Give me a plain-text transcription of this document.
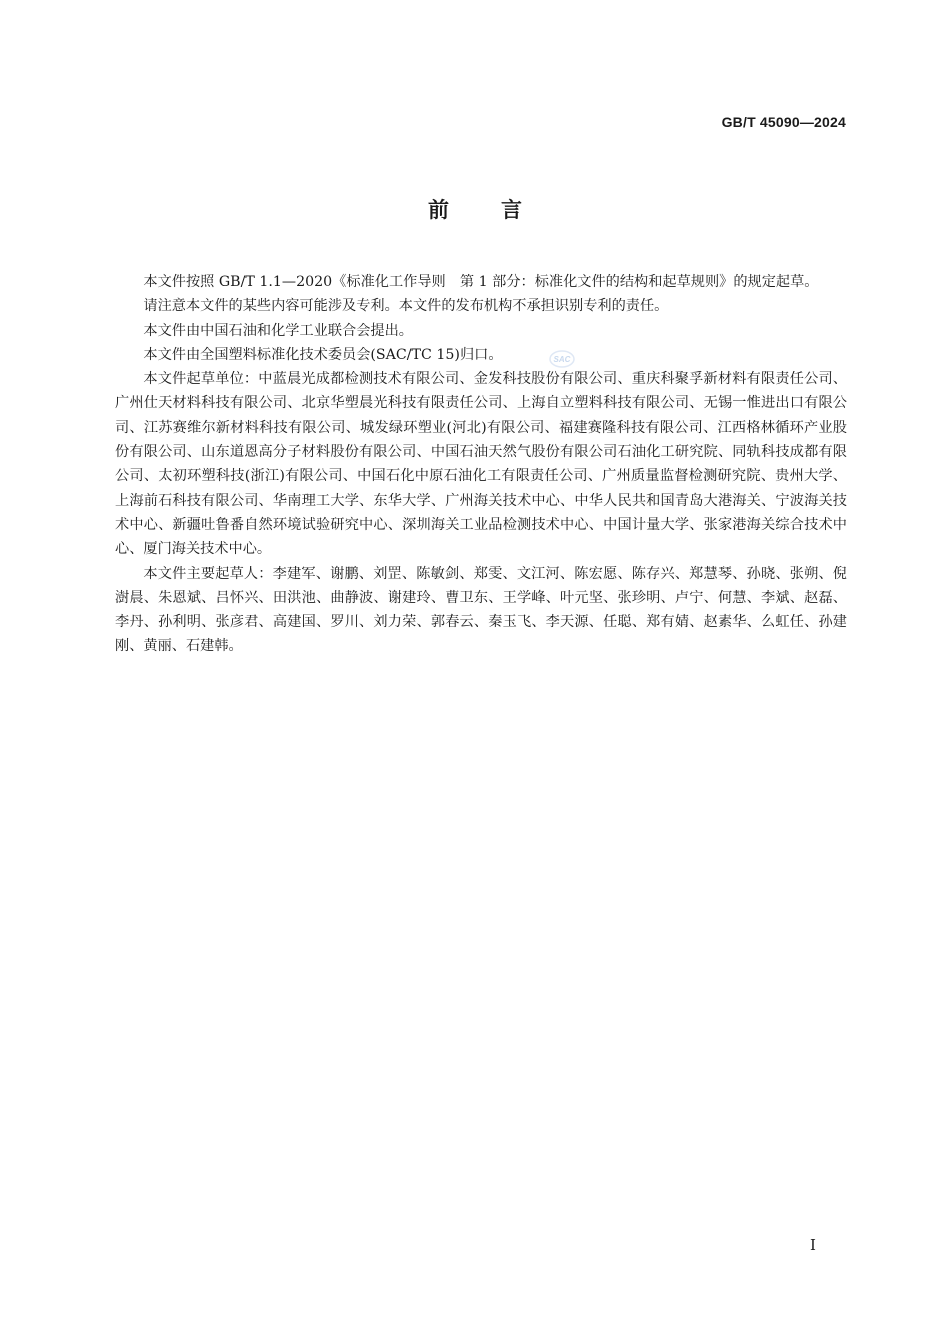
GB/T 45090—2024
前言

本文件按照 GB/T 1.1—2020《标准化工作导则　第 1 部分：标准化文件的结构和起草规则》的规定起草。

请注意本文件的某些内容可能涉及专利。本文件的发布机构不承担识别专利的责任。

本文件由中国石油和化学工业联合会提出。

本文件由全国塑料标准化技术委员会(SAC/TC 15)归口。

本文件起草单位：中蓝晨光成都检测技术有限公司、金发科技股份有限公司、重庆科聚孚新材料有限责任公司、广州仕天材料科技有限公司、北京华塑晨光科技有限责任公司、上海自立塑料科技有限公司、无锡一惟进出口有限公司、江苏赛维尔新材料科技有限公司、城发绿环塑业(河北)有限公司、福建赛隆科技有限公司、江西格林循环产业股份有限公司、山东道恩高分子材料股份有限公司、中国石油天然气股份有限公司石油化工研究院、同轨科技成都有限公司、太初环塑科技(浙江)有限公司、中国石化中原石油化工有限责任公司、广州质量监督检测研究院、贵州大学、上海前石科技有限公司、华南理工大学、东华大学、广州海关技术中心、中华人民共和国青岛大港海关、宁波海关技术中心、新疆吐鲁番自然环境试验研究中心、深圳海关工业品检测技术中心、中国计量大学、张家港海关综合技术中心、厦门海关技术中心。

本文件主要起草人：李建军、谢鹏、刘罡、陈敏剑、郑雯、文江河、陈宏愿、陈存兴、郑慧琴、孙晓、张朔、倪澍晨、朱恩斌、吕怀兴、田洪池、曲静波、谢建玲、曹卫东、王学峰、叶元坚、张珍明、卢宁、何慧、李斌、赵磊、李丹、孙利明、张彦君、高建国、罗川、刘力荣、郭春云、秦玉飞、李天源、任聪、郑有婧、赵素华、么虹任、孙建刚、黄丽、石建韩。

SAC
I
